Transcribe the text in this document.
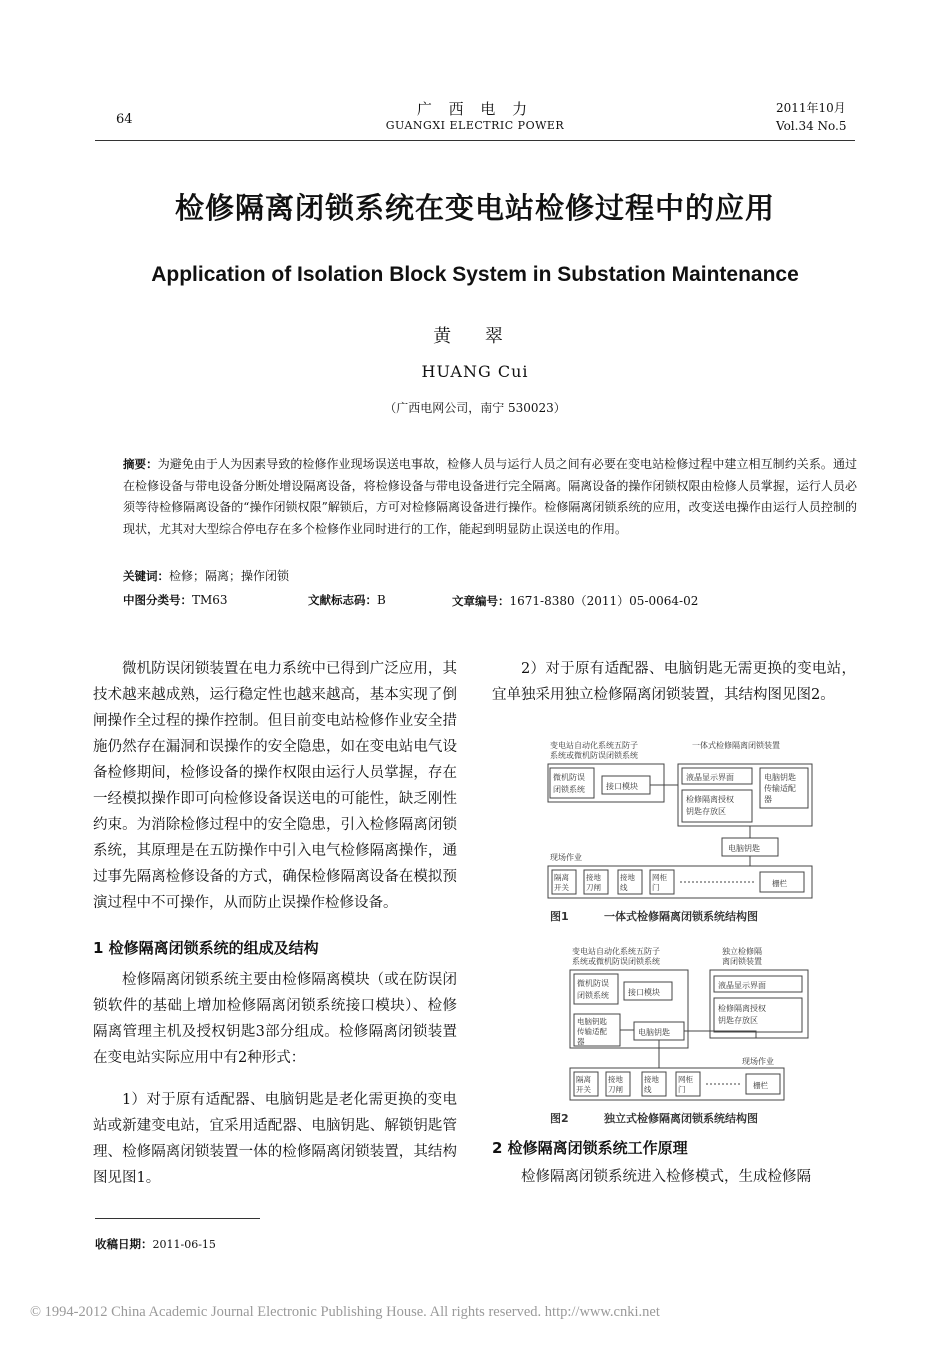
64
广 西 电 力
GUANGXI ELECTRIC POWER
2011年10月
Vol.34 No.5
检修隔离闭锁系统在变电站检修过程中的应用
Application of Isolation Block System in Substation Maintenance
黄 翠
HUANG Cui
（广西电网公司，南宁 530023）
摘要：为避免由于人为因素导致的检修作业现场误送电事故，检修人员与运行人员之间有必要在变电站检修过程中建立相互制约关系。通过在检修设备与带电设备分断处增设隔离设备，将检修设备与带电设备进行完全隔离。隔离设备的操作闭锁权限由检修人员掌握，运行人员必须等待检修隔离设备的“操作闭锁权限”解锁后，方可对检修隔离设备进行操作。检修隔离闭锁系统的应用，改变送电操作由运行人员控制的现状，尤其对大型综合停电存在多个检修作业同时进行的工作，能起到明显防止误送电的作用。
关键词：检修；隔离；操作闭锁
中图分类号：TM63	文献标志码：B	文章编号：1671-8380（2011）05-0064-02
微机防误闭锁装置在电力系统中已得到广泛应用，其技术越来越成熟，运行稳定性也越来越高，基本实现了倒闸操作全过程的操作控制。但目前变电站检修作业安全措施仍然存在漏洞和误操作的安全隐患，如在变电站电气设备检修期间，检修设备的操作权限由运行人员掌握，存在一经模拟操作即可向检修设备误送电的可能性，缺乏刚性约束。为消除检修过程中的安全隐患，引入检修隔离闭锁系统，其原理是在五防操作中引入电气检修隔离操作，通过事先隔离检修设备的方式，确保检修隔离设备在模拟预演过程中不可操作，从而防止误操作检修设备。
1 检修隔离闭锁系统的组成及结构
检修隔离闭锁系统主要由检修隔离模块（或在防误闭锁软件的基础上增加检修隔离闭锁系统接口模块）、检修隔离管理主机及授权钥匙3部分组成。检修隔离闭锁装置在变电站实际应用中有2种形式：
1）对于原有适配器、电脑钥匙是老化需更换的变电站或新建变电站，宜采用适配器、电脑钥匙、解锁钥匙管理、检修隔离闭锁装置一体的检修隔离闭锁装置，其结构图见图1。
2）对于原有适配器、电脑钥匙无需更换的变电站，宜单独采用独立检修隔离闭锁装置，其结构图见图2。
变电站自动化系统五防子
系统或微机防误闭锁系统
一体式检修隔离闭锁装置
微机防误
闭锁系统	接口模块
液晶显示界面
检修隔离授权
钥匙存放区
电脑钥匙
传输适配
器
电脑钥匙
现场作业
隔离
开关
接地
刀闸
接地
线
网柜
门	栅栏
图1	一体式检修隔离闭锁系统结构图
变电站自动化系统五防子
系统或微机防误闭锁系统
独立检修隔
离闭锁装置
微机防误
闭锁系统 接口模块
电脑钥匙
传输适配
器
电脑钥匙
液晶显示界面
检修隔离授权
钥匙存放区
现场作业
隔离
开关
接地
刀闸
接地
线
网柜
门	栅栏
图2	独立式检修隔离闭锁系统结构图
2 检修隔离闭锁系统工作原理
检修隔离闭锁系统进入检修模式，生成检修隔
收稿日期：2011-06-15
© 1994-2012 China Academic Journal Electronic Publishing House. All rights reserved. http://www.cnki.net
